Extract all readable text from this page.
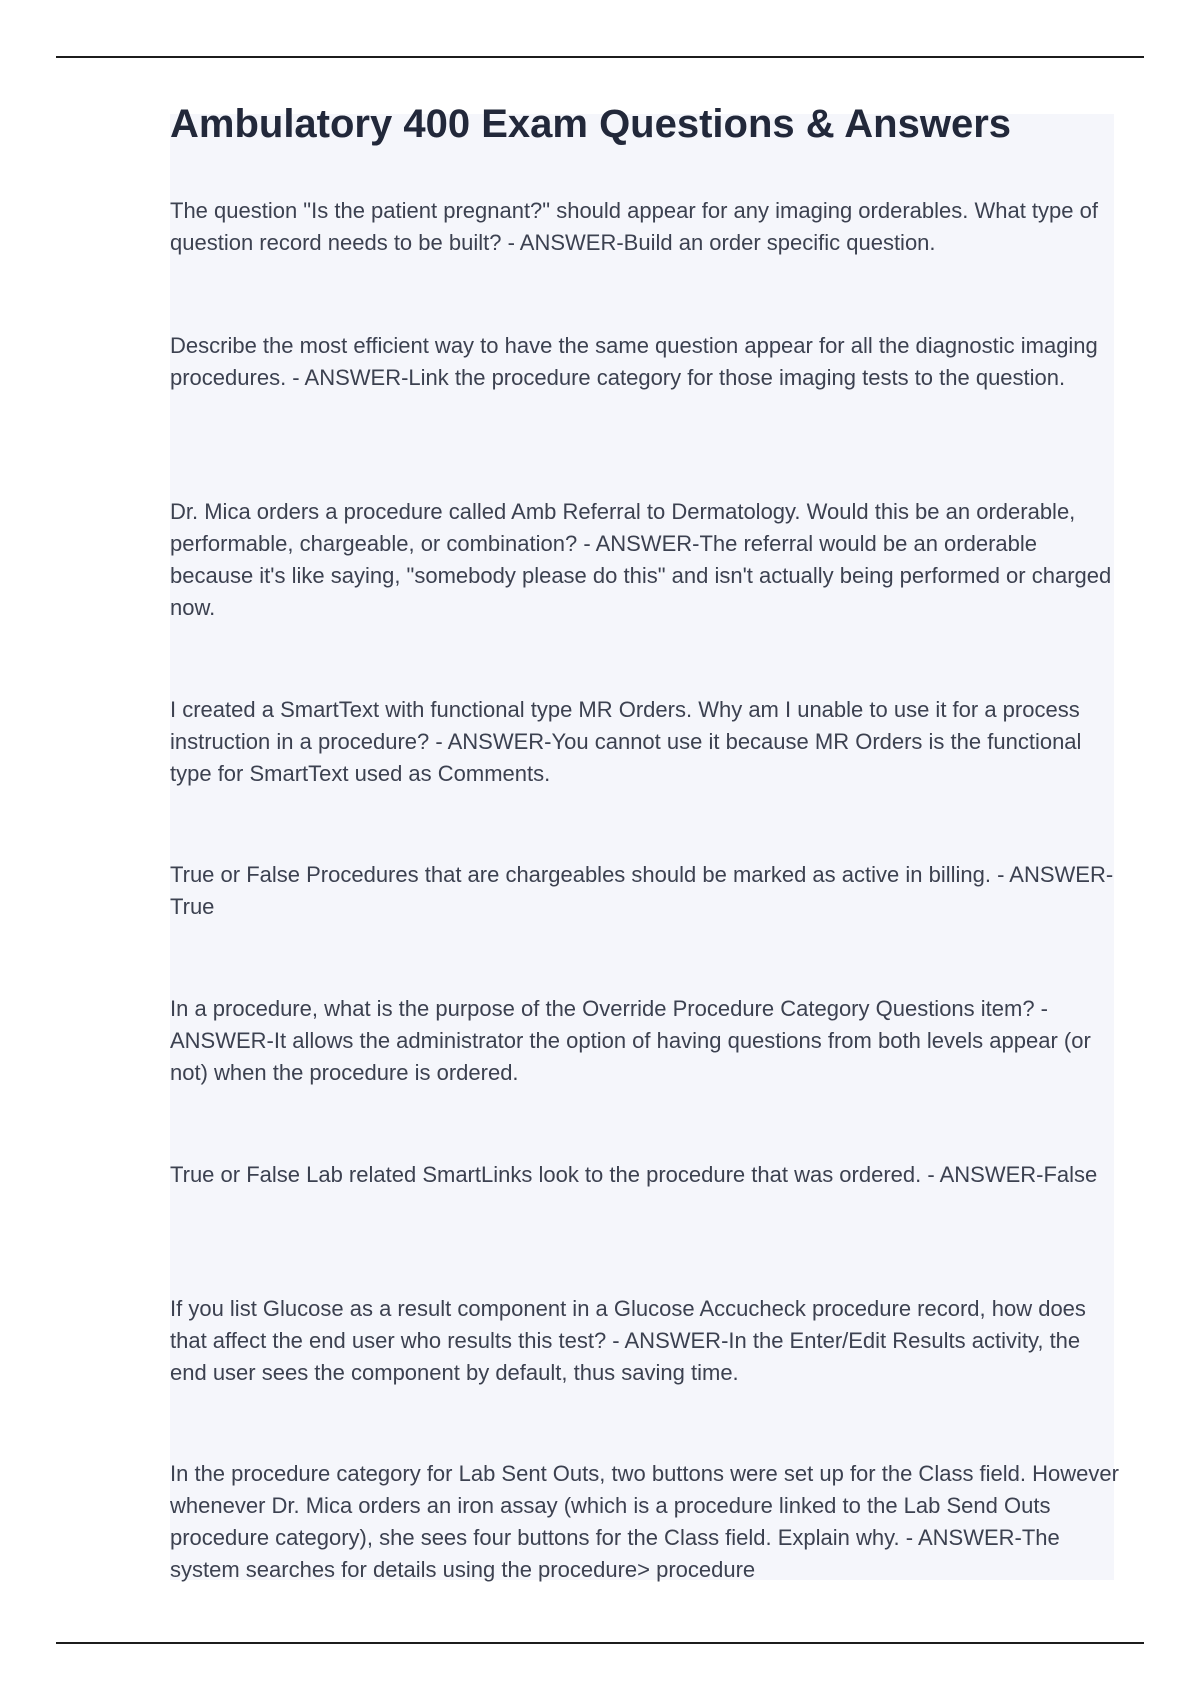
Ambulatory 400 Exam Questions & Answers

The question "Is the patient pregnant?" should appear for any imaging orderables. What type of question record needs to be built? - ANSWER-Build an order specific question.

Describe the most efficient way to have the same question appear for all the diagnostic imaging procedures. - ANSWER-Link the procedure category for those imaging tests to the question.

Dr. Mica orders a procedure called Amb Referral to Dermatology. Would this be an orderable, performable, chargeable, or combination? - ANSWER-The referral would be an orderable because it's like saying, "somebody please do this" and isn't actually being performed or charged now.

I created a SmartText with functional type MR Orders. Why am I unable to use it for a process instruction in a procedure? - ANSWER-You cannot use it because MR Orders is the functional type for SmartText used as Comments.

True or False Procedures that are chargeables should be marked as active in billing. - ANSWER-True

In a procedure, what is the purpose of the Override Procedure Category Questions item? - ANSWER-It allows the administrator the option of having questions from both levels appear (or not) when the procedure is ordered.

True or False Lab related SmartLinks look to the procedure that was ordered. - ANSWER-False

If you list Glucose as a result component in a Glucose Accucheck procedure record, how does that affect the end user who results this test? - ANSWER-In the Enter/Edit Results activity, the end user sees the component by default, thus saving time.

In the procedure category for Lab Sent Outs, two buttons were set up for the Class field. However whenever Dr. Mica orders an iron assay (which is a procedure linked to the Lab Send Outs procedure category), she sees four buttons for the Class field. Explain why. - ANSWER-The system searches for details using the procedure> procedure
